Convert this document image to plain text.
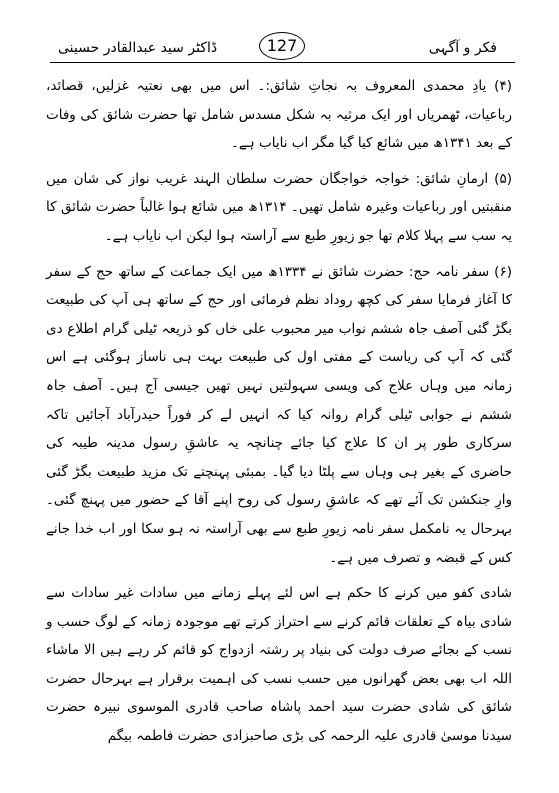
فکر و آگہی
127
ڈاکٹر سید عبدالقادر حسینی

(۴) یادِ محمدی المعروف بہ نجاتِ شائق:۔ اس میں بھی نعتیہ غزلیں، قصائد، رباعیات، ٹھمریاں اور ایک مرثیہ بہ شکل مسدس شامل تھا حضرت شائق کی وفات کے بعد ۱۳۴۱ھ میں شائع کیا گیا مگر اب نایاب ہے۔

(۵) ارمانِ شائق: خواجہ خواجگان حضرت سلطان الہند غریب نواز کی شان میں منقبتیں اور رباعیات وغیرہ شامل تھیں۔ ۱۳۱۴ھ میں شائع ہوا غالباً حضرت شائق کا یہ سب سے پہلا کلام تھا جو زیورِ طبع سے آراستہ ہوا لیکن اب نایاب ہے۔

(۶) سفر نامہ حج: حضرت شائق نے ۱۳۳۴ھ میں ایک جماعت کے ساتھ حج کے سفر کا آغاز فرمایا سفر کی کچھ روداد نظم فرمائی اور حج کے ساتھ ہی آپ کی طبیعت بگڑ گئی آصف جاہ ششم نواب میر محبوب علی خاں کو ذریعہ ٹیلی گرام اطلاع دی گئی کہ آپ کی ریاست کے مفتی اول کی طبیعت بہت ہی ناساز ہوگئی ہے اس زمانہ میں وہاں علاج کی ویسی سہولتیں نہیں تھیں جیسی آج ہیں۔ آصف جاہ ششم نے جوابی ٹیلی گرام روانہ کیا کہ انہیں لے کر فوراً حیدرآباد آجائیں تاکہ سرکاری طور پر ان کا علاج کیا جائے چنانچہ یہ عاشقِ رسول مدینہ طیبہ کی حاضری کے بغیر ہی وہاں سے پلٹا دیا گیا۔ بمبئی پہنچتے تک مزید طبیعت بگڑ گئی وارِ جنکشن تک آئے تھے کہ عاشقِ رسول کی روح اپنے آقا کے حضور میں پہنچ گئی۔ بہرحال یہ نامکمل سفر نامہ زیورِ طبع سے بھی آراستہ نہ ہو سکا اور اب خدا جانے کس کے قبضہ و تصرف میں ہے۔

شادی کفو میں کرنے کا حکم ہے اس لئے پہلے زمانے میں سادات غیر سادات سے شادی بیاہ کے تعلقات قائم کرنے سے احتراز کرتے تھے موجودہ زمانہ کے لوگ حسب و نسب کے بجائے صرف دولت کی بنیاد پر رشتہ ازدواج کو قائم کر رہے ہیں الا ماشاء اللہ اب بھی بعض گھرانوں میں حسب نسب کی اہمیت برقرار ہے بہرحال حضرت شائق کی شادی حضرت سید احمد پاشاہ صاحب قادری الموسوی نبیرہ حضرت سیدنا موسیٰ قادری علیہ الرحمہ کی بڑی صاحبزادی حضرت فاطمہ بیگم
